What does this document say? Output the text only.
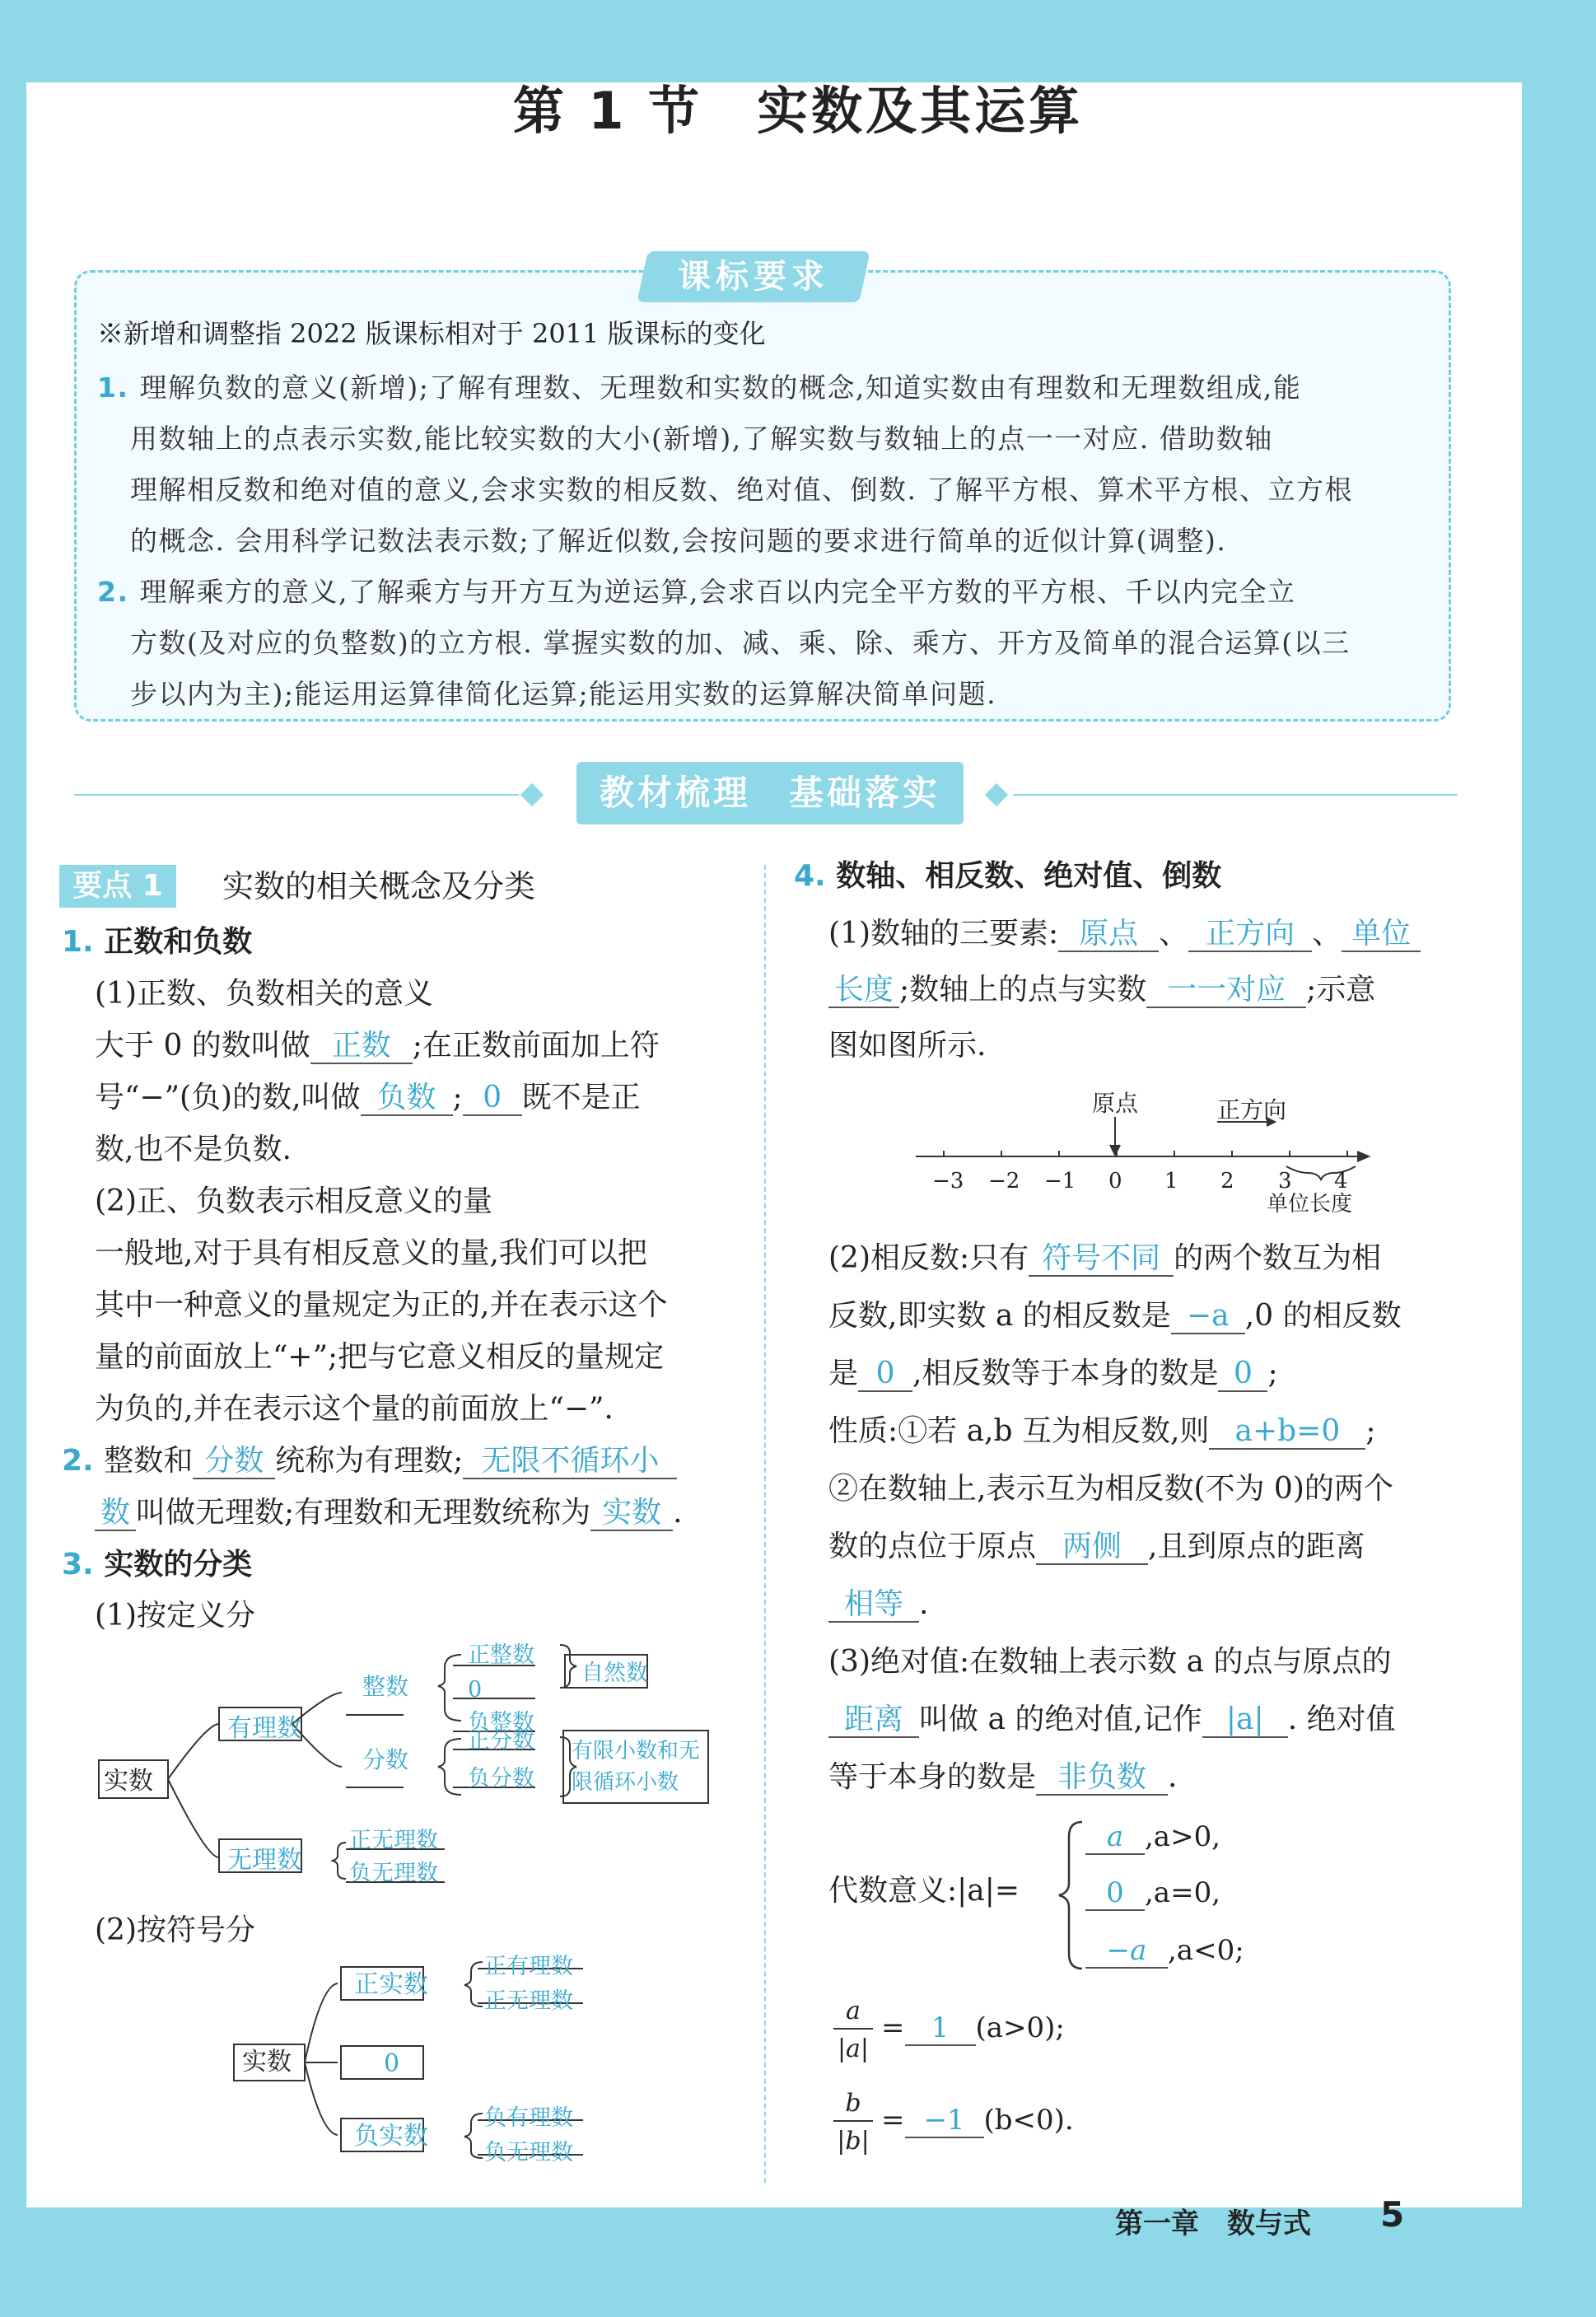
第 1 节　实数及其运算
课标要求
※新增和调整指 2022 版课标相对于 2011 版课标的变化
1. 理解负数的意义(新增);了解有理数、无理数和实数的概念,知道实数由有理数和无理数组成,能
用数轴上的点表示实数,能比较实数的大小(新增),了解实数与数轴上的点一一对应. 借助数轴
理解相反数和绝对值的意义,会求实数的相反数、绝对值、倒数. 了解平方根、算术平方根、立方根
的概念. 会用科学记数法表示数;了解近似数,会按问题的要求进行简单的近似计算(调整).
2. 理解乘方的意义,了解乘方与开方互为逆运算,会求百以内完全平方数的平方根、千以内完全立
方数(及对应的负整数)的立方根. 掌握实数的加、减、乘、除、乘方、开方及简单的混合运算(以三
步以内为主);能运用运算律简化运算;能运用实数的运算解决简单问题.
教材梳理　基础落实
要点 1	实数的相关概念及分类
1. 正数和负数
(1)正数、负数相关的意义
大于 0 的数叫做 正数 ;在正数前面加上符
号“−”(负)的数,叫做 负数 ; 0 既不是正
数,也不是负数.
(2)正、负数表示相反意义的量
一般地,对于具有相反意义的量,我们可以把
其中一种意义的量规定为正的,并在表示这个
量的前面放上“+”;把与它意义相反的量规定
为负的,并在表示这个量的前面放上“−”.
2. 整数和 分数 统称为有理数; 无限不循环小
数 叫做无理数;有理数和无理数统称为 实数 .
3. 实数的分类
(1)按定义分
实数
有理数
无理数
整数
分数
正整数
0
负整数
自然数
正分数
负分数
有限小数和无
限循环小数
正无理数
负无理数
(2)按符号分
实数
正实数
0
负实数
正有理数
正无理数
负有理数
负无理数
4. 数轴、相反数、绝对值、倒数
(1)数轴的三要素: 原点 、 正方向 、 单位
长度 ;数轴上的点与实数 一一对应 ;示意
图如图所示.
原点	正方向
单位长度
−3 −2 −1 0 1 2 3 4
(2)相反数:只有 符号不同 的两个数互为相
反数,即实数 a 的相反数是 −a ,0 的相反数
是 0 ,相反数等于本身的数是 0 ;
性质:①若 a,b 互为相反数,则 a+b=0 ;
②在数轴上,表示互为相反数(不为 0)的两个
数的点位于原点 两侧 ,且到原点的距离
相等 .
(3)绝对值:在数轴上表示数 a 的点与原点的
距离 叫做 a 的绝对值,记作 |a| . 绝对值
等于本身的数是 非负数 .
代数意义:|a|=
a ,a>0,
0 ,a=0,
−a ,a<0;
a
|a|
= 1 (a>0);
b
|b|
= −1 (b<0).
第一章　数与式 5
